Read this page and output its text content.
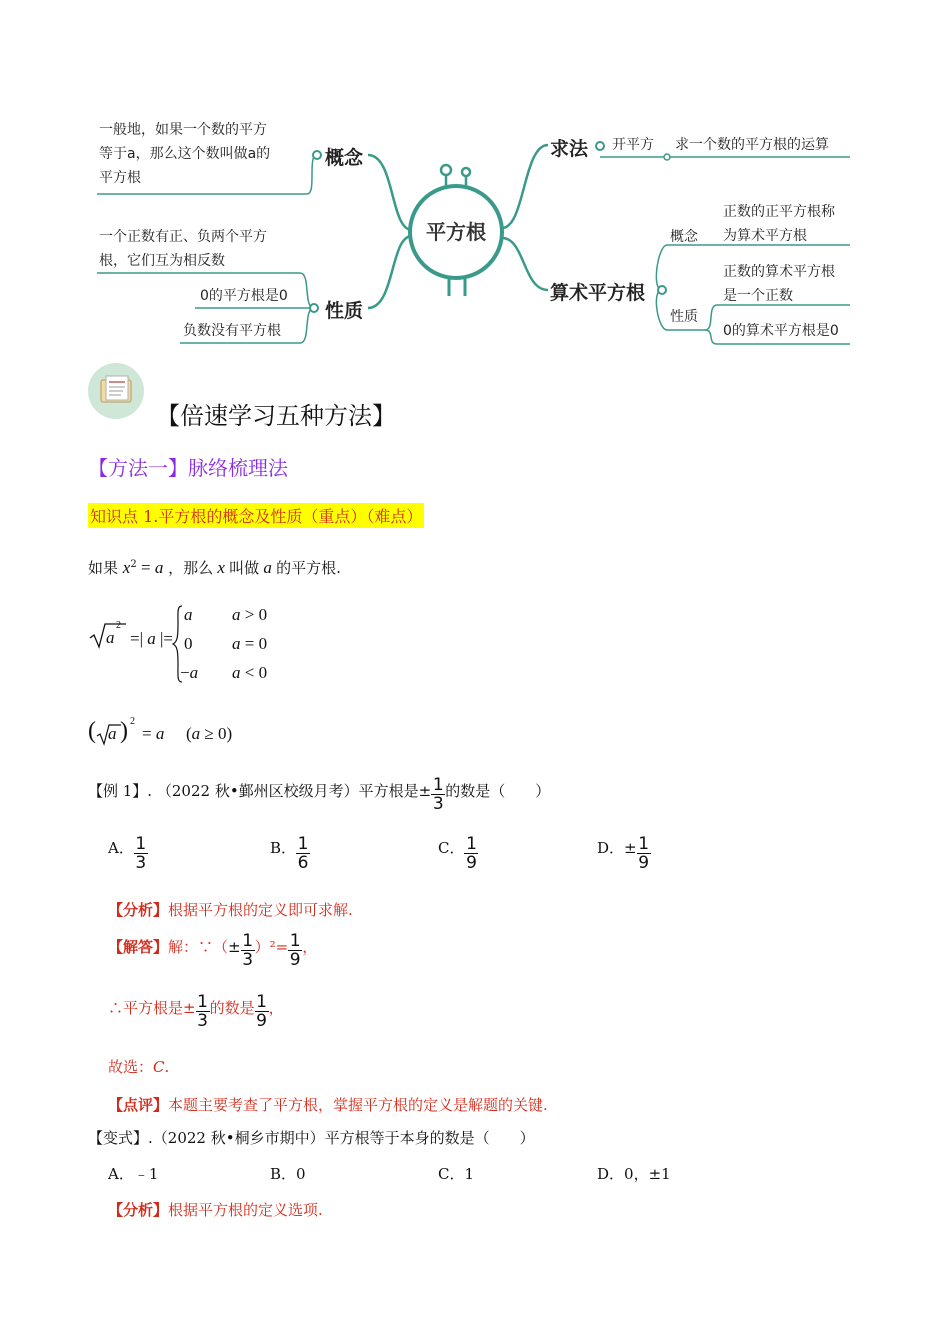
平方根
一般地，如果一个数的平方
等于a，那么这个数叫做a的
平方根
概念
一个正数有正、负两个平方
根，它们互为相反数
0的平方根是0
负数没有平方根
性质
求法 开平方 求一个数的平方根的运算
算术平方根
概念
正数的正平方根称
为算术平方根
性质
正数的算术平方根
是一个正数
0的算术平方根是0
【倍速学习五种方法】
【方法一】脉络梳理法
知识点 1.平方根的概念及性质（重点）（难点）
如果 $x^2 = a$ ，那么 x 叫做 a 的平方根.
a
2
=| a |=
a a > 0
0 a = 0
−a a < 0
( a ) 2
= a (a ≥ 0)
【例 1】. （2022 秋•鄞州区校级月考）平方根是± $\frac{1}{3}$ 的数是（　　）
A． $\frac{1}{3}$	B． $\frac{1}{6}$	C． $\frac{1}{9}$	D．± $\frac{1}{9}$
【分析】根据平方根的定义即可求解.
【解答】解：∵（± $\frac{1}{3} )^2= \frac{1}{9}$ ，
∴平方根是± $\frac{1}{3}$ 的数是 $\frac{1}{9}$ ，
故选：C.
【点评】本题主要考查了平方根，掌握平方根的定义是解题的关键.
【变式】.（2022 秋•桐乡市期中）平方根等于本身的数是（　　）
A．﹣1	B．0	C．1	D．0，±1
【分析】根据平方根的定义选项.
